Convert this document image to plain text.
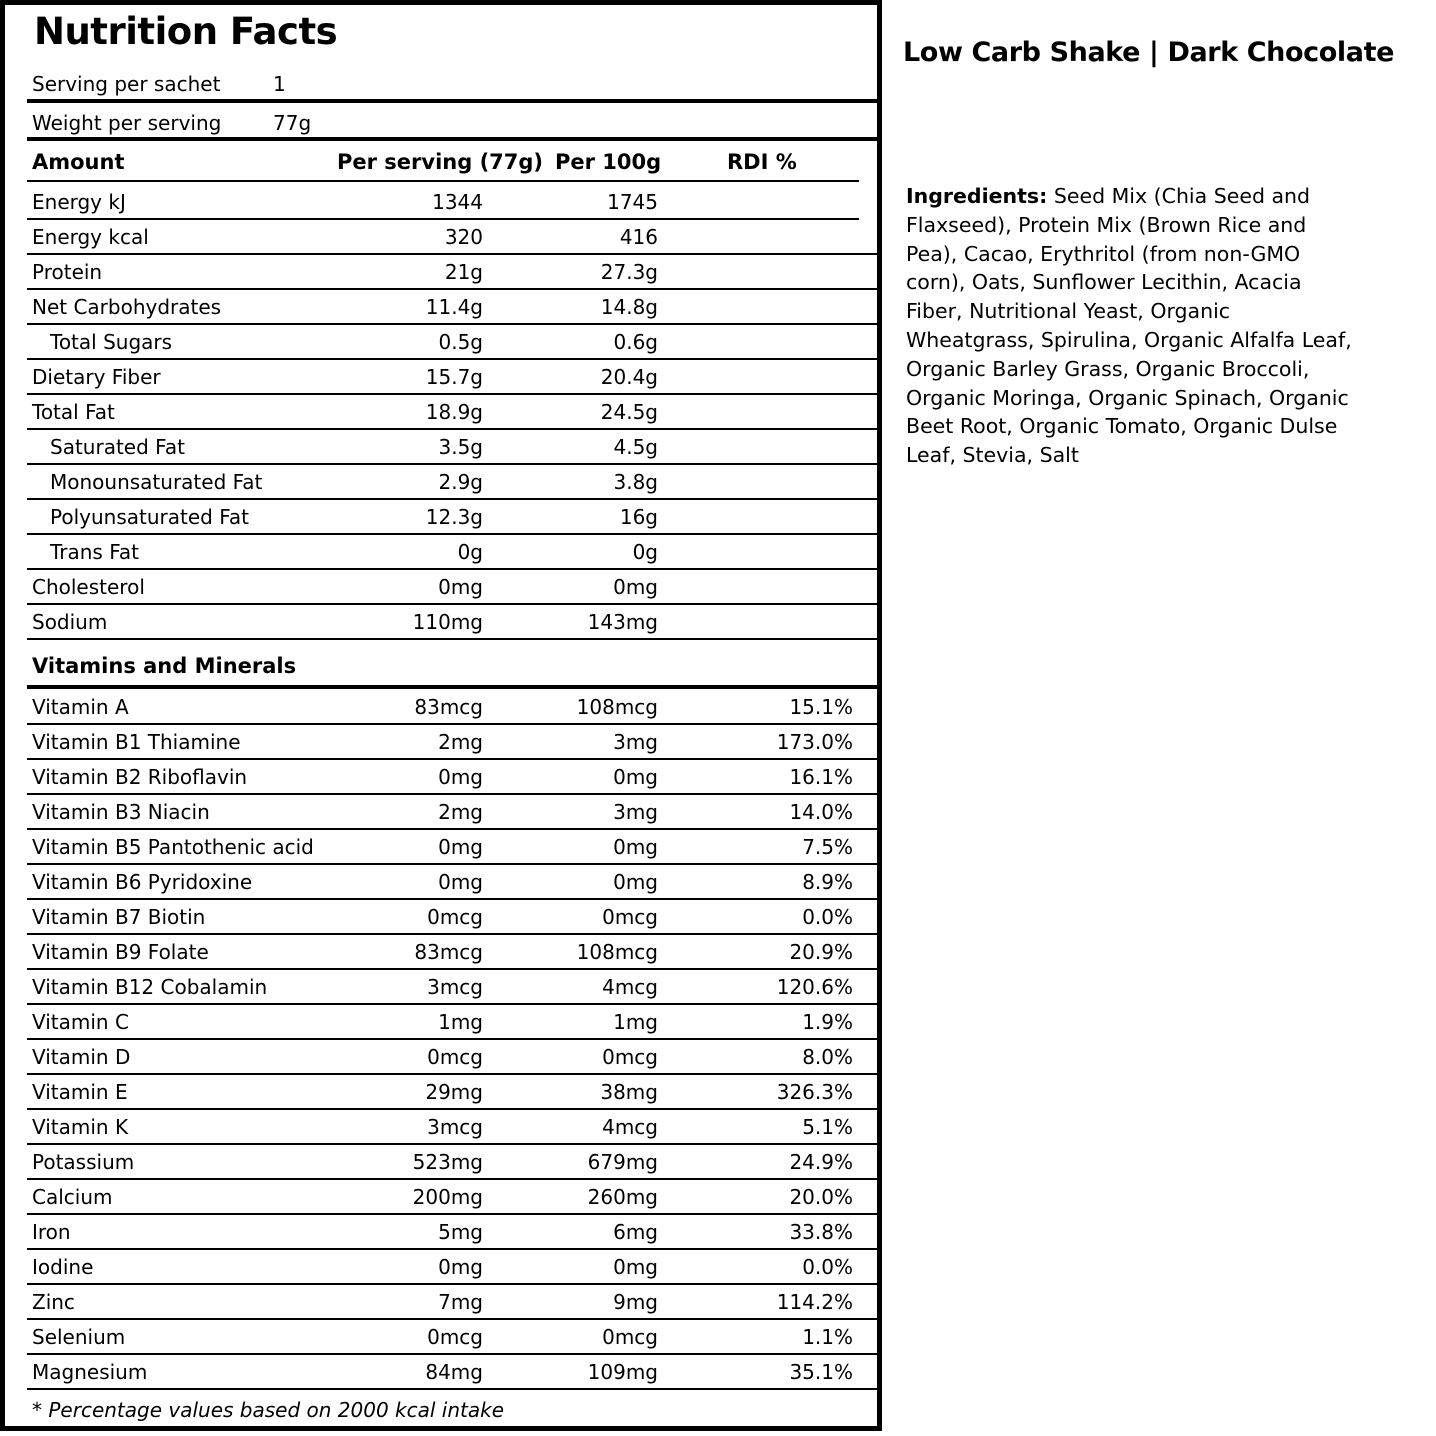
Nutrition Facts
Serving per sachet	1
Weight per serving	77g
Amount	Per serving (77g) Per 100g	RDI %
Energy kJ	1344	1745
Energy kcal	320	416
Protein	21g	27.3g
Net Carbohydrates	11.4g	14.8g
Total Sugars	0.5g	0.6g
Dietary Fiber	15.7g	20.4g
Total Fat	18.9g	24.5g
Saturated Fat	3.5g	4.5g
Monounsaturated Fat	2.9g	3.8g
Polyunsaturated Fat	12.3g	16g
Trans Fat	0g	0g
Cholesterol	0mg	0mg
Sodium	110mg	143mg
Vitamins and Minerals
Vitamin A	83mcg	108mcg	15.1%
Vitamin B1 Thiamine	2mg	3mg	173.0%
Vitamin B2 Riboflavin	0mg	0mg	16.1%
Vitamin B3 Niacin	2mg	3mg	14.0%
Vitamin B5 Pantothenic acid	0mg	0mg	7.5%
Vitamin B6 Pyridoxine	0mg	0mg	8.9%
Vitamin B7 Biotin	0mcg	0mcg	0.0%
Vitamin B9 Folate	83mcg	108mcg	20.9%
Vitamin B12 Cobalamin	3mcg	4mcg	120.6%
Vitamin C	1mg	1mg	1.9%
Vitamin D	0mcg	0mcg	8.0%
Vitamin E	29mg	38mg	326.3%
Vitamin K	3mcg	4mcg	5.1%
Potassium	523mg	679mg	24.9%
Calcium	200mg	260mg	20.0%
Iron	5mg	6mg	33.8%
Iodine	0mg	0mg	0.0%
Zinc	7mg	9mg	114.2%
Selenium	0mcg	0mcg	1.1%
Magnesium	84mg	109mg	35.1%
* Percentage values based on 2000 kcal intake
Low Carb Shake | Dark Chocolate
Ingredients: Seed Mix (Chia Seed and Flaxseed), Protein Mix (Brown Rice and Pea), Cacao, Erythritol (from non-GMO corn), Oats, Sunflower Lecithin, Acacia Fiber, Nutritional Yeast, Organic Wheatgrass, Spirulina, Organic Alfalfa Leaf, Organic Barley Grass, Organic Broccoli, Organic Moringa, Organic Spinach, Organic Beet Root, Organic Tomato, Organic Dulse Leaf, Stevia, Salt
